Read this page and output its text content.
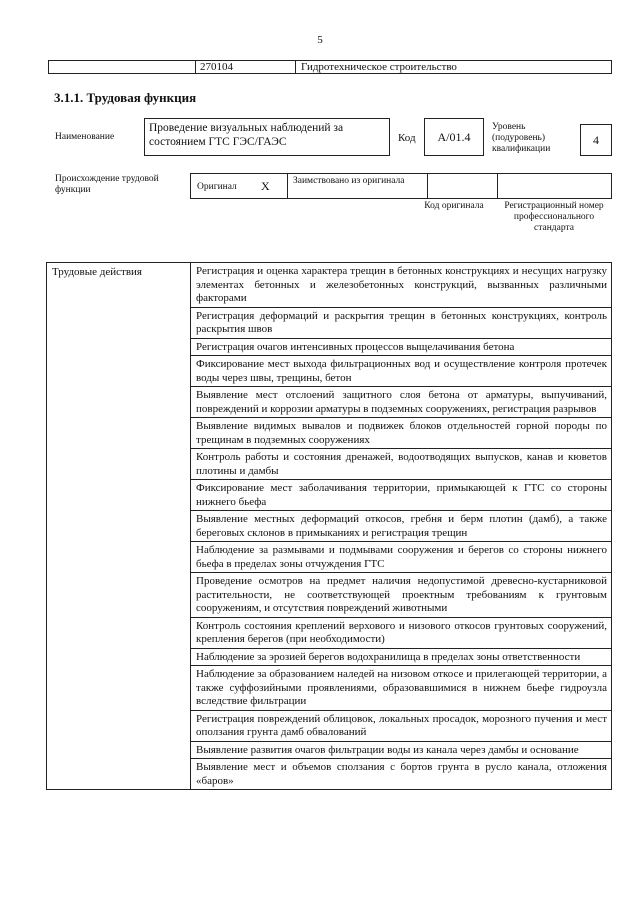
5
270104	Гидротехническое строительство
3.1.1. Трудовая функция
Наименование
Проведение визуальных наблюдений за состоянием ГТС ГЭС/ГАЭС	Код	А/01.4
Уровень (подуровень) квалификации
4
Происхождение трудовой функции	Оригинал X Заимствовано из оригинала
Код оригинала	Регистрационный номер профессионального стандарта
Трудовые действия	Регистрация и оценка характера трещин в бетонных конструкциях и несущих нагрузку элементах бетонных и железобетонных конструкций, вызванных различными факторами
Регистрация деформаций и раскрытия трещин в бетонных конструкциях, контроль раскрытия швов
Регистрация очагов интенсивных процессов выщелачивания бетона
Фиксирование мест выхода фильтрационных вод и осуществление контроля протечек воды через швы, трещины, бетон
Выявление мест отслоений защитного слоя бетона от арматуры, выпучиваний, повреждений и коррозии арматуры в подземных сооружениях, регистрация разрывов
Выявление видимых вывалов и подвижек блоков отдельностей горной породы по трещинам в подземных сооружениях
Контроль работы и состояния дренажей, водоотводящих выпусков, канав и кюветов плотины и дамбы
Фиксирование мест заболачивания территории, примыкающей к ГТС со стороны нижнего бьефа
Выявление местных деформаций откосов, гребня и берм плотин (дамб), а также береговых склонов в примыканиях и регистрация трещин
Наблюдение за размывами и подмывами сооружения и берегов со стороны нижнего бьефа в пределах зоны отчуждения ГТС
Проведение осмотров на предмет наличия недопустимой древесно-кустарниковой растительности, не соответствующей проектным требованиям к грунтовым сооружениям, и отсутствия повреждений животными
Контроль состояния креплений верхового и низового откосов грунтовых сооружений, крепления берегов (при необходимости)
Наблюдение за эрозией берегов водохранилища в пределах зоны ответственности
Наблюдение за образованием наледей на низовом откосе и прилегающей территории, а также суффозийными проявлениями, образовавшимися в нижнем бьефе гидроузла вследствие фильтрации
Регистрация повреждений облицовок, локальных просадок, морозного пучения и мест оползания грунта дамб обвалований
Выявление развития очагов фильтрации воды из канала через дамбы и основание
Выявление мест и объемов сползания с бортов грунта в русло канала, отложения «баров»
